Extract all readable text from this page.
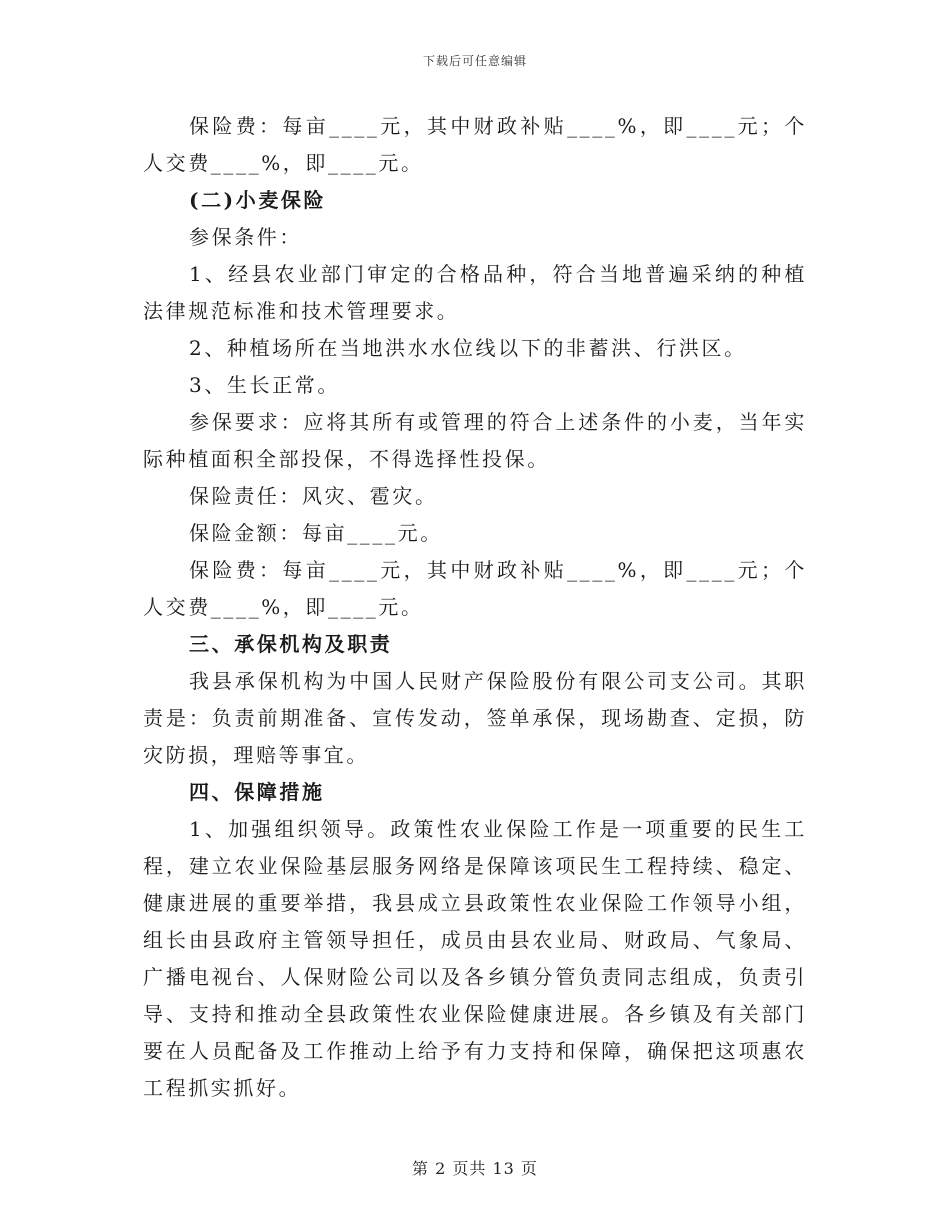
下载后可任意编辑

保险费：每亩____元，其中财政补贴____%，即____元；个人交费____%，即____元。

(二)小麦保险

参保条件：

1、经县农业部门审定的合格品种，符合当地普遍采纳的种植法律规范标准和技术管理要求。

2、种植场所在当地洪水水位线以下的非蓄洪、行洪区。

3、生长正常。

参保要求：应将其所有或管理的符合上述条件的小麦，当年实际种植面积全部投保，不得选择性投保。

保险责任：风灾、雹灾。

保险金额：每亩____元。

保险费：每亩____元，其中财政补贴____%，即____元；个人交费____%，即____元。

三、承保机构及职责

我县承保机构为中国人民财产保险股份有限公司支公司。其职责是：负责前期准备、宣传发动，签单承保，现场勘查、定损，防灾防损，理赔等事宜。

四、保障措施

1、加强组织领导。政策性农业保险工作是一项重要的民生工程，建立农业保险基层服务网络是保障该项民生工程持续、稳定、健康进展的重要举措，我县成立县政策性农业保险工作领导小组，组长由县政府主管领导担任，成员由县农业局、财政局、气象局、广播电视台、人保财险公司以及各乡镇分管负责同志组成，负责引导、支持和推动全县政策性农业保险健康进展。各乡镇及有关部门要在人员配备及工作推动上给予有力支持和保障，确保把这项惠农工程抓实抓好。

第 2 页共 13 页
